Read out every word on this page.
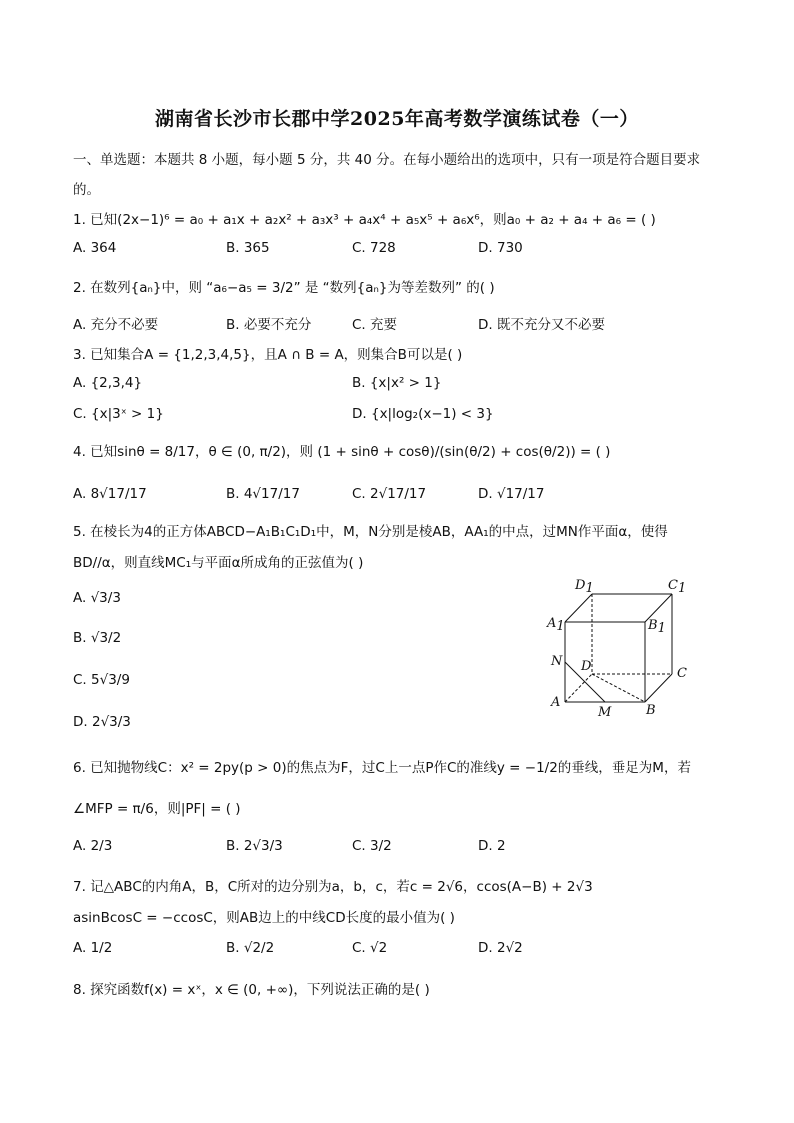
湖南省长沙市长郡中学2025年高考数学演练试卷（一）
一、单选题：本题共 8 小题，每小题 5 分，共 40 分。在每小题给出的选项中，只有一项是符合题目要求
的。
1. 已知(2x−1)⁶ = a₀ + a₁x + a₂x² + a₃x³ + a₄x⁴ + a₅x⁵ + a₆x⁶，则a₀ + a₂ + a₄ + a₆ = ( )
A. 364	B. 365	C. 728	D. 730
2. 在数列{aₙ}中，则 “a₆−a₅ = 3/2” 是 “数列{aₙ}为等差数列” 的( )
A. 充分不必要	B. 必要不充分	C. 充要	D. 既不充分又不必要
3. 已知集合A = {1,2,3,4,5}，且A ∩ B = A，则集合B可以是( )
A. {2,3,4}	B. {x|x² > 1}
C. {x|3ˣ > 1}	D. {x|log₂(x−1) < 3}
4. 已知sinθ = 8/17，θ ∈ (0, π/2)，则 (1 + sinθ + cosθ)/(sin(θ/2) + cos(θ/2)) = ( )
A. 8√17/17	B. 4√17/17	C. 2√17/17	D. √17/17
5. 在棱长为4的正方体ABCD−A₁B₁C₁D₁中，M，N分别是棱AB，AA₁的中点，过MN作平面α，使得
BD//α，则直线MC₁与平面α所成角的正弦值为( )
A. √3/3
B. √3/2
C. 5√3/9
D. 2√3/3
D1	C1
A1	B1
N D	C
A
M	B
6. 已知抛物线C：x² = 2py(p > 0)的焦点为F，过C上一点P作C的准线y = −1/2的垂线，垂足为M，若
∠MFP = π/6，则|PF| = ( )
A. 2/3	B. 2√3/3	C. 3/2	D. 2
7. 记△ABC的内角A，B，C所对的边分别为a，b，c，若c = 2√6，ccos(A−B) + 2√3
asinBcosC = −ccosC，则AB边上的中线CD长度的最小值为( )
A. 1/2	B. √2/2	C. √2	D. 2√2
8. 探究函数f(x) = xˣ，x ∈ (0, +∞)，下列说法正确的是( )
